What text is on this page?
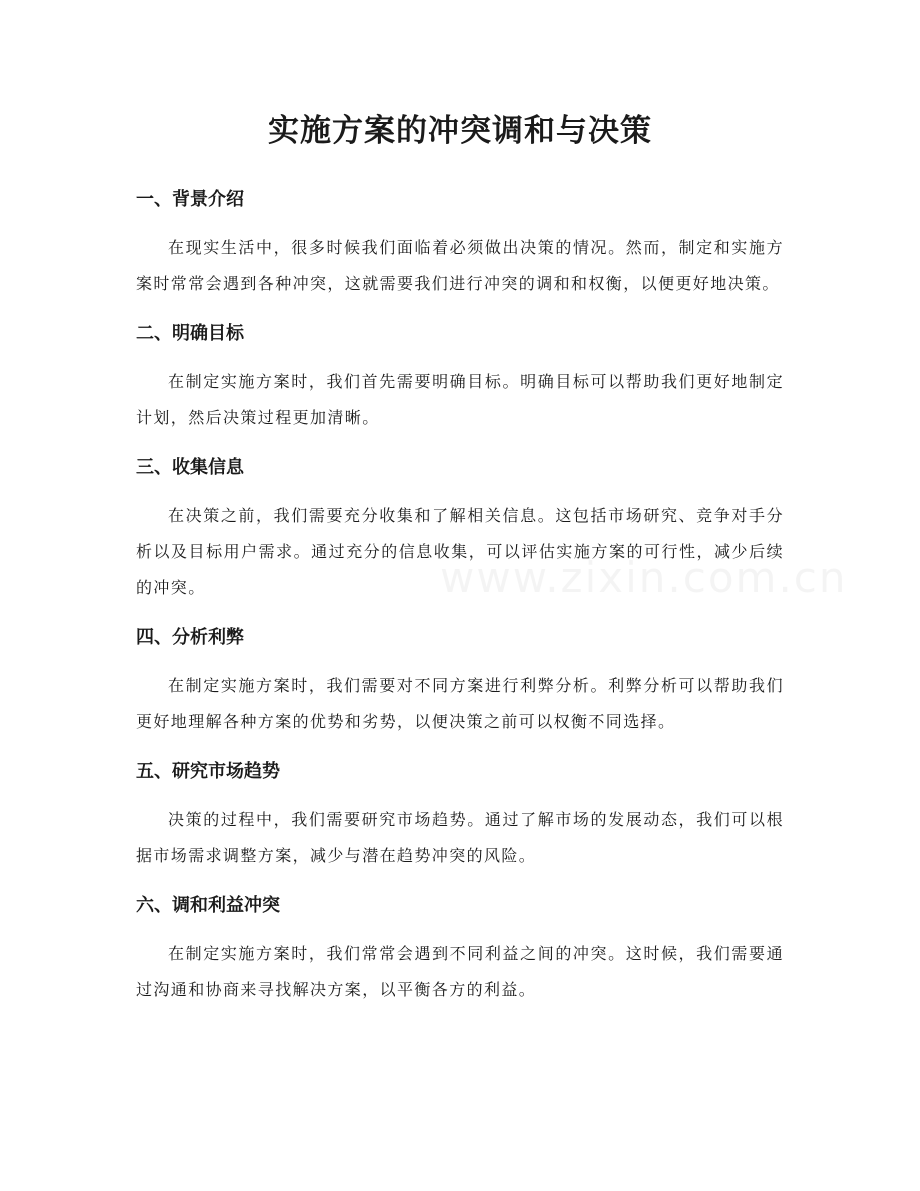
实施方案的冲突调和与决策
一、背景介绍

在现实生活中，很多时候我们面临着必须做出决策的情况。然而，制定和实施方案时常常会遇到各种冲突，这就需要我们进行冲突的调和和权衡，以便更好地决策。

二、明确目标

在制定实施方案时，我们首先需要明确目标。明确目标可以帮助我们更好地制定计划，然后决策过程更加清晰。

三、收集信息

在决策之前，我们需要充分收集和了解相关信息。这包括市场研究、竞争对手分析以及目标用户需求。通过充分的信息收集，可以评估实施方案的可行性，减少后续的冲突。

四、分析利弊

在制定实施方案时，我们需要对不同方案进行利弊分析。利弊分析可以帮助我们更好地理解各种方案的优势和劣势，以便决策之前可以权衡不同选择。

五、研究市场趋势

决策的过程中，我们需要研究市场趋势。通过了解市场的发展动态，我们可以根据市场需求调整方案，减少与潜在趋势冲突的风险。

六、调和利益冲突

在制定实施方案时，我们常常会遇到不同利益之间的冲突。这时候，我们需要通过沟通和协商来寻找解决方案，以平衡各方的利益。
